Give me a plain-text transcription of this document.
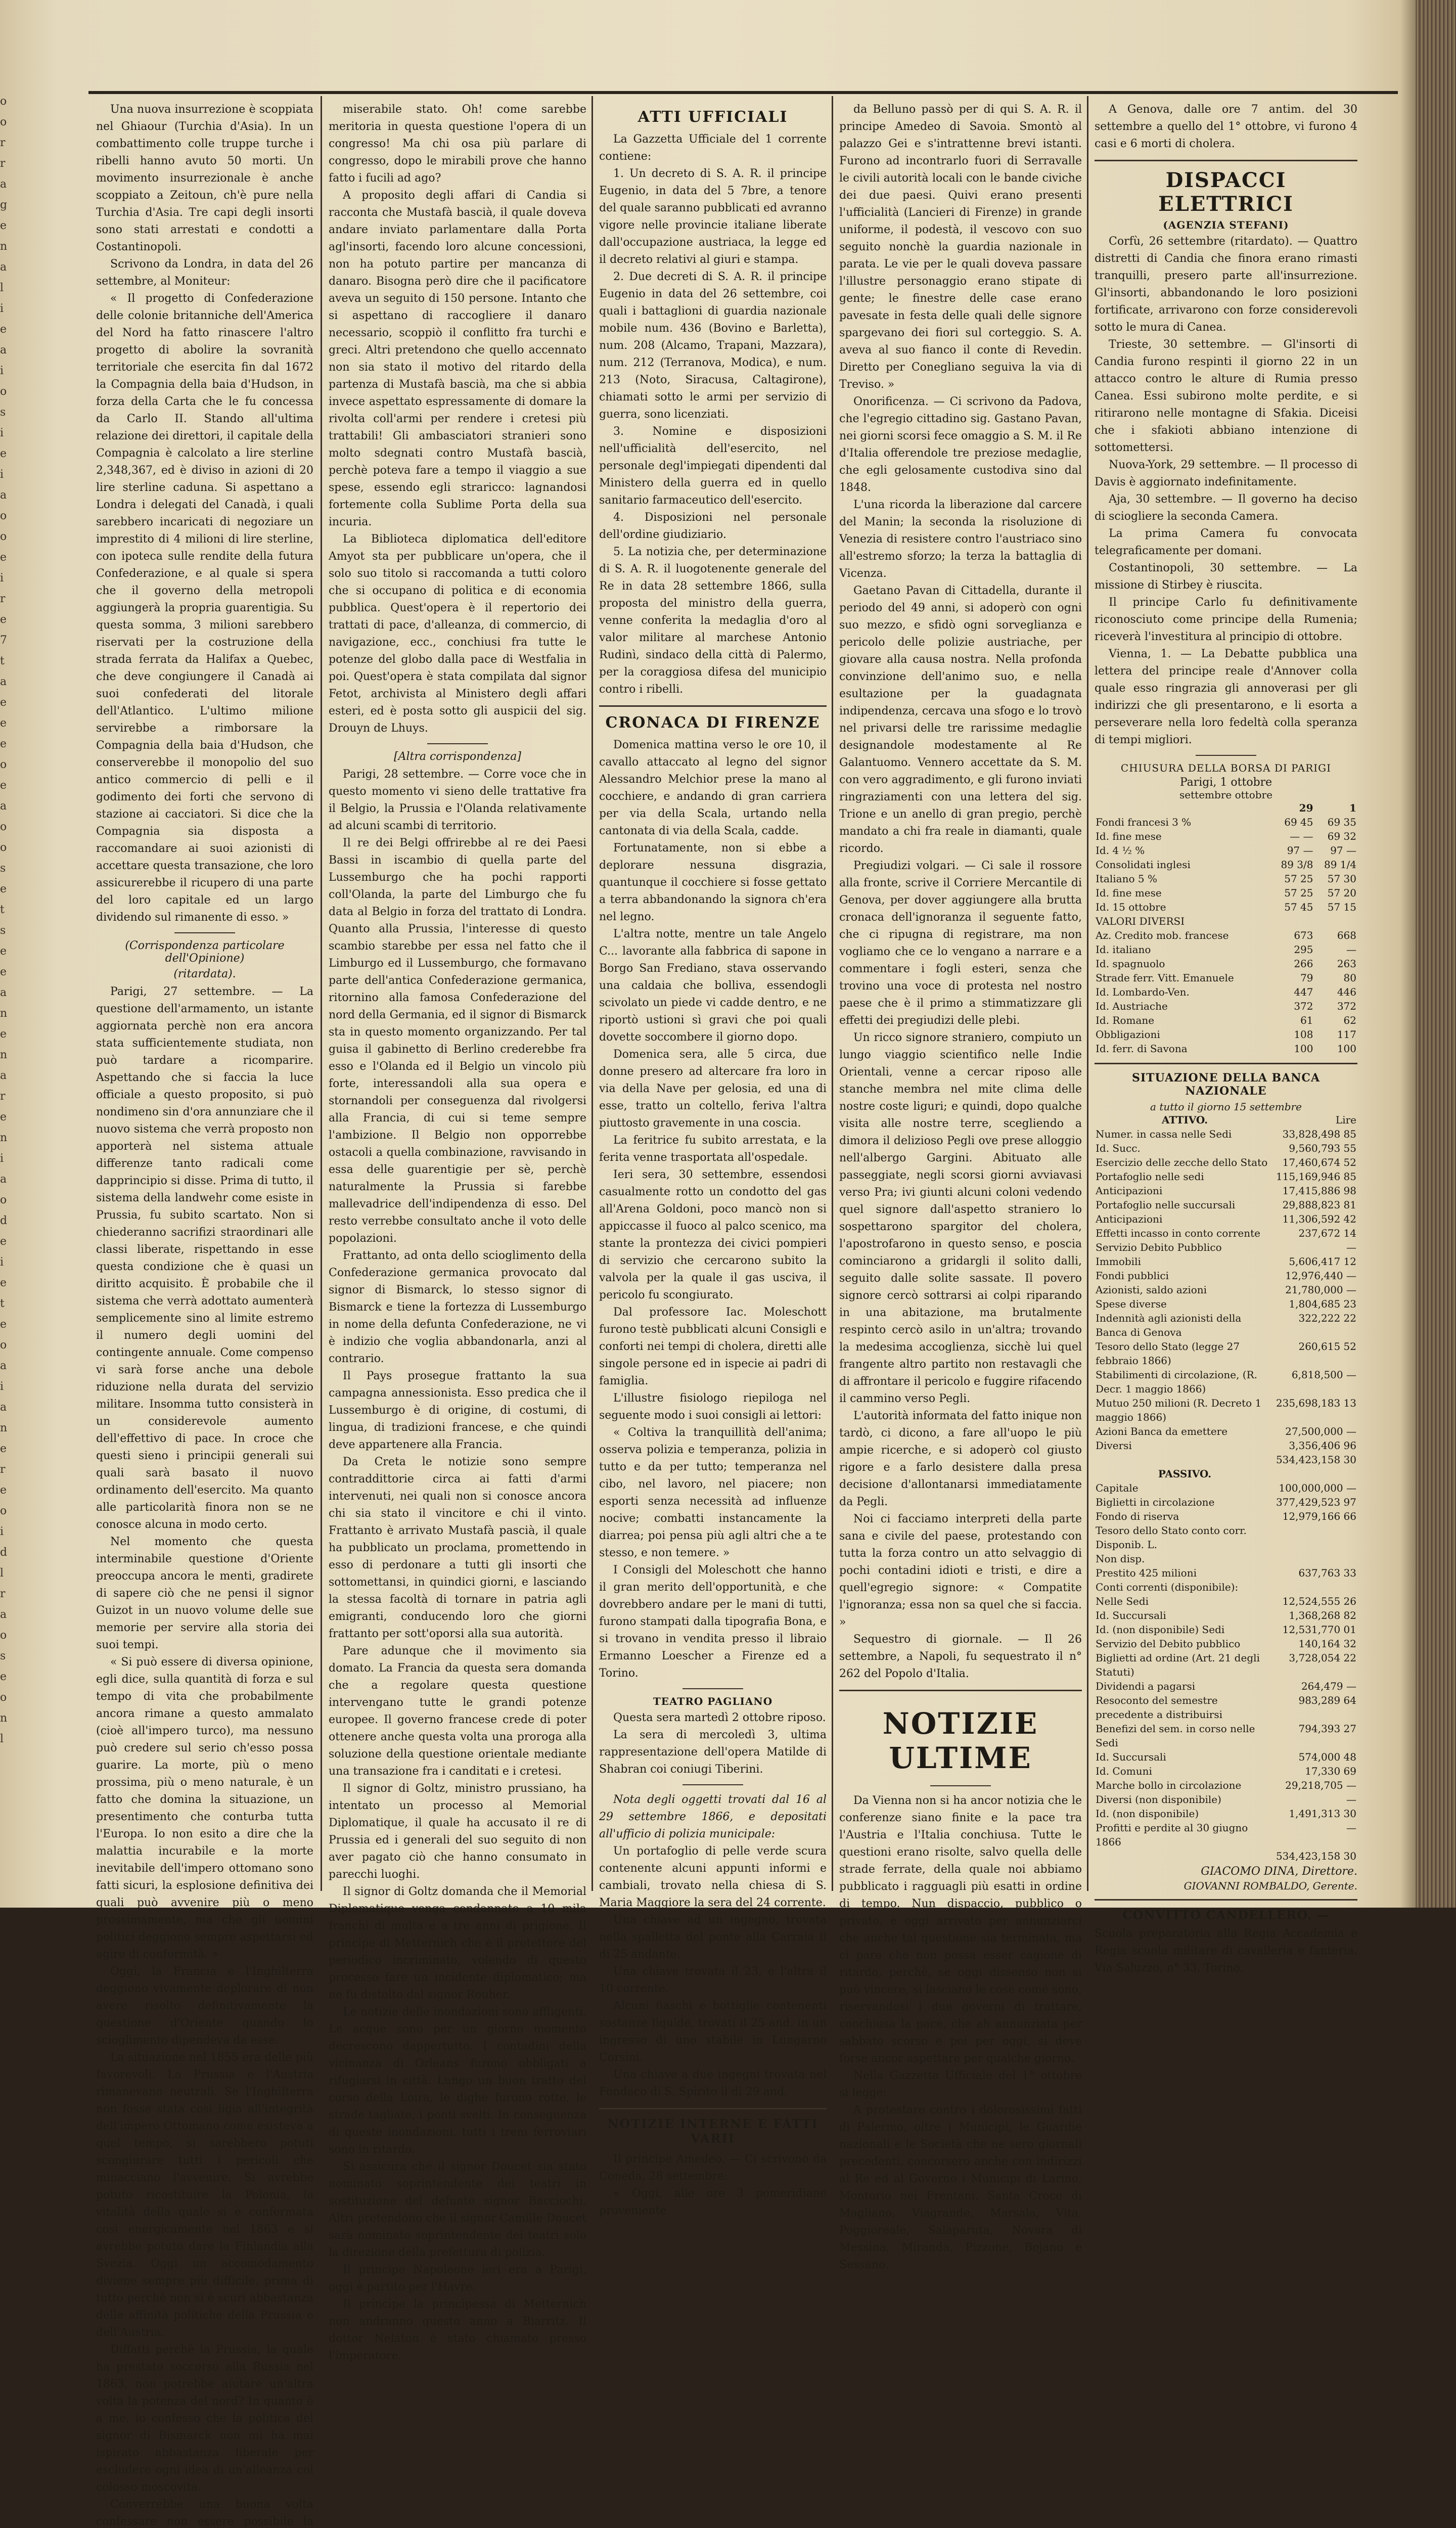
o
o
r
r
a
g
e
n
a
l
i
e
a
i
o
s
i
e
i
a
o
o
e
i
r
e
7
t
a
e
e
e
o
e
a
o
o
s
e
t
s
e
e
a
n
e
n
a
r
e
n
i
a
o
d
e
i
e
t
e
o
a
i
a
n
e
r
e
o
i
d
l
r
a
o
s
e
o
n
l

Una nuova insurrezione è scoppiata nel Ghiaour (Turchia d'Asia). In un combattimento colle truppe turche i ribelli hanno avuto 50 morti. Un movimento insurrezionale è anche scoppiato a Zeitoun, ch'è pure nella Turchia d'Asia. Tre capi degli insorti sono stati arrestati e condotti a Costantinopoli.

Scrivono da Londra, in data del 26 settembre, al Moniteur:

« Il progetto di Confederazione delle colonie britanniche dell'America del Nord ha fatto rinascere l'altro progetto di abolire la sovranità territoriale che esercita fin dal 1672 la Compagnia della baia d'Hudson, in forza della Carta che le fu concessa da Carlo II. Stando all'ultima relazione dei direttori, il capitale della Compagnia è calcolato a lire sterline 2,348,367, ed è diviso in azioni di 20 lire sterline caduna. Si aspettano a Londra i delegati del Canadà, i quali sarebbero incaricati di negoziare un imprestito di 4 milioni di lire sterline, con ipoteca sulle rendite della futura Confederazione, e al quale si spera che il governo della metropoli aggiungerà la propria guarentigia. Su questa somma, 3 milioni sarebbero riservati per la costruzione della strada ferrata da Halifax a Quebec, che deve congiungere il Canadà ai suoi confederati del litorale dell'Atlantico. L'ultimo milione servirebbe a rimborsare la Compagnia della baia d'Hudson, che conserverebbe il monopolio del suo antico commercio di pelli e il godimento dei forti che servono di stazione ai cacciatori. Si dice che la Compagnia sia disposta a raccomandare ai suoi azionisti di accettare questa transazione, che loro assicurerebbe il ricupero di una parte del loro capitale ed un largo dividendo sul rimanente di esso. »

(Corrispondenza particolare dell'Opinione)
(ritardata).

Parigi, 27 settembre. — La questione dell'armamento, un istante aggiornata perchè non era ancora stata sufficientemente studiata, non può tardare a ricomparire. Aspettando che si faccia la luce officiale a questo proposito, si può nondimeno sin d'ora annunziare che il nuovo sistema che verrà proposto non apporterà nel sistema attuale differenze tanto radicali come dapprincipio si disse. Prima di tutto, il sistema della landwehr come esiste in Prussia, fu subito scartato. Non si chiederanno sacrifizi straordinari alle classi liberate, rispettando in esse questa condizione che è quasi un diritto acquisito. È probabile che il sistema che verrà adottato aumenterà semplicemente sino al limite estremo il numero degli uomini del contingente annuale. Come compenso vi sarà forse anche una debole riduzione nella durata del servizio militare. Insomma tutto consisterà in un considerevole aumento dell'effettivo di pace. In croce che questi sieno i principii generali sui quali sarà basato il nuovo ordinamento dell'esercito. Ma quanto alle particolarità finora non se ne conosce alcuna in modo certo.

Nel momento che questa interminabile questione d'Oriente preoccupa ancora le menti, gradirete di sapere ciò che ne pensi il signor Guizot in un nuovo volume delle sue memorie per servire alla storia dei suoi tempi.

« Si può essere di diversa opinione, egli dice, sulla quantità di forza e sul tempo di vita che probabilmente ancora rimane a questo ammalato (cioè all'impero turco), ma nessuno può credere sul serio ch'esso possa guarire. La morte, più o meno prossima, più o meno naturale, è un fatto che domina la situazione, un presentimento che conturba tutta l'Europa. Io non esito a dire che la malattia incurabile e la morte inevitabile dell'impero ottomano sono fatti sicuri, la esplosione definitiva dei quali può avvenire più o meno prossimamente, ma che gli uomini politici deggiono sempre aspettarsi ed agire di conformità. »

Oggi, la Francia e l'Inghilterra deggiono vivamente deplorare di non avere risolto definitivamente la questione d'Oriente quando lo scioglimento dipendeva da esse.

La situazione nel 1855 era delle più favorevoli. La Prussia e l'Austria rimanevano neutrali. Se l'Inghilterra non fosse stata così ligia all'integrità dell'impero Ottomano come esisteva a quel tempo, si sarebbero potuti scongiurare tutti i pericoli che minacciano l'avvenire. Si avrebbe potuto ricostituire la Polonia, la vitalità della quale si è confermata così energicamente nel 1863 e si avrebbe potuto dare la Finlandia alla Svezia. Oggi un accomodamento diviene sempre più difficile, prima di tutto perchè non si è scuri abbastanza delle affinità politiche della Prussia e dell'Austria.

Diffatti perchè la Prussia, la quale ha prestato soccorso alla Russia nel 1863, non potrebbe aiutare un'altra volta la potenza del nord? In quanto è a me, io confesso che la politica del signor di Bismarck non mi ha mai ispirato abbastanza liberale per escludere ogni idea di un'alleanza col colosso moscovita.

Converrebbe una buona volta confessare non essere possibile la

miserabile stato. Oh! come sarebbe meritoria in questa questione l'opera di un congresso! Ma chi osa più parlare di congresso, dopo le mirabili prove che hanno fatto i fucili ad ago?

A proposito degli affari di Candia si racconta che Mustafà bascià, il quale doveva andare inviato parlamentare dalla Porta agl'insorti, facendo loro alcune concessioni, non ha potuto partire per mancanza di danaro. Bisogna però dire che il pacificatore aveva un seguito di 150 persone. Intanto che si aspettano di raccogliere il danaro necessario, scoppiò il conflitto fra turchi e greci. Altri pretendono che quello accennato non sia stato il motivo del ritardo della partenza di Mustafà bascià, ma che si abbia invece aspettato espressamente di domare la rivolta coll'armi per rendere i cretesi più trattabili! Gli ambasciatori stranieri sono molto sdegnati contro Mustafà bascià, perchè poteva fare a tempo il viaggio a sue spese, essendo egli straricco: lagnandosi fortemente colla Sublime Porta della sua incuria.

La Biblioteca diplomatica dell'editore Amyot sta per pubblicare un'opera, che il solo suo titolo si raccomanda a tutti coloro che si occupano di politica e di economia pubblica. Quest'opera è il repertorio dei trattati di pace, d'alleanza, di commercio, di navigazione, ecc., conchiusi fra tutte le potenze del globo dalla pace di Westfalia in poi. Quest'opera è stata compilata dal signor Fetot, archivista al Ministero degli affari esteri, ed è posta sotto gli auspicii del sig. Drouyn de Lhuys.

[Altra corrispondenza]

Parigi, 28 settembre. — Corre voce che in questo momento vi sieno delle trattative fra il Belgio, la Prussia e l'Olanda relativamente ad alcuni scambi di territorio.

Il re dei Belgi offrirebbe al re dei Paesi Bassi in iscambio di quella parte del Lussemburgo che ha pochi rapporti coll'Olanda, la parte del Limburgo che fu data al Belgio in forza del trattato di Londra. Quanto alla Prussia, l'interesse di questo scambio starebbe per essa nel fatto che il Limburgo ed il Lussemburgo, che formavano parte dell'antica Confederazione germanica, ritornino alla famosa Confederazione del nord della Germania, ed il signor di Bismarck sta in questo momento organizzando. Per tal guisa il gabinetto di Berlino crederebbe fra esso e l'Olanda ed il Belgio un vincolo più forte, interessandoli alla sua opera e stornandoli per conseguenza dal rivolgersi alla Francia, di cui si teme sempre l'ambizione. Il Belgio non opporrebbe ostacoli a quella combinazione, ravvisando in essa delle guarentigie per sè, perchè naturalmente la Prussia si farebbe mallevadrice dell'indipendenza di esso. Del resto verrebbe consultato anche il voto delle popolazioni.

Frattanto, ad onta dello scioglimento della Confederazione germanica provocato dal signor di Bismarck, lo stesso signor di Bismarck e tiene la fortezza di Lussemburgo in nome della defunta Confederazione, ne vi è indizio che voglia abbandonarla, anzi al contrario.

Il Pays prosegue frattanto la sua campagna annessionista. Esso predica che il Lussemburgo è di origine, di costumi, di lingua, di tradizioni francese, e che quindi deve appartenere alla Francia.

Da Creta le notizie sono sempre contraddittorie circa ai fatti d'armi intervenuti, nei quali non si conosce ancora chi sia stato il vincitore e chi il vinto. Frattanto è arrivato Mustafà pascià, il quale ha pubblicato un proclama, promettendo in esso di perdonare a tutti gli insorti che sottomettansi, in quindici giorni, e lasciando la stessa facoltà di tornare in patria agli emigranti, conducendo loro che giorni frattanto per sott'oporsi alla sua autorità.

Pare adunque che il movimento sia domato. La Francia da questa sera domanda che a regolare questa questione intervengano tutte le grandi potenze europee. Il governo francese crede di poter ottenere anche questa volta una proroga alla soluzione della questione orientale mediante una transazione fra i canditati e i cretesi.

Il signor di Goltz, ministro prussiano, ha intentato un processo al Memorial Diplomatique, il quale ha accusato il re di Prussia ed i generali del suo seguito di non aver pagato ciò che hanno consumato in parecchi luoghi.

Il signor di Goltz domanda che il Memorial Diplomatique venga condannato a 10 mila franchi di multa e a tre anni di prigione. Il principe di Metternich che è il protettore del periodico incriminato, volendo di questo processo fare un incidente diplomatico; ma ne fu distolto dal signor Rouher.

Le notizie delle inondazioni sono affligenti. Le acque sono per un giorno momento decrescono dappertutto. I contadini della vicinanza di Orleans furono obbligati a rifugiarsi in città. Lungo un buon tratto del corso della Loira, le dighe furono rotte, le strade tagliate, i ponti svelti. In conseguenza di queste inondazioni, tutti i treni ferroviari sono in ritardo.

Si assicura che il signor Doucet sia stato nominato soprintendente dei teatri in sostituzione del defunto signor Bacciochi. Altri pretendono che il signor Camille Doucet sarà nominato soprintendente dei teatri solo la direzione della prefettura di polizia.

Il principe Napoleone ieri era a Parigi, oggi è partito per l'Havre.

Il principe la principessa di Metternich non andranno questo anno a Biarritz. Il dottor Nelaton è stato chiamato presso l'imperatore.

ATTI UFFICIALI

La Gazzetta Ufficiale del 1 corrente contiene:

1. Un decreto di S. A. R. il principe Eugenio, in data del 5 7bre, a tenore del quale saranno pubblicati ed avranno vigore nelle provincie italiane liberate dall'occupazione austriaca, la legge ed il decreto relativi al giuri e stampa.

2. Due decreti di S. A. R. il principe Eugenio in data del 26 settembre, coi quali i battaglioni di guardia nazionale mobile num. 436 (Bovino e Barletta), num. 208 (Alcamo, Trapani, Mazzara), num. 212 (Terranova, Modica), e num. 213 (Noto, Siracusa, Caltagirone), chiamati sotto le armi per servizio di guerra, sono licenziati.

3. Nomine e disposizioni nell'ufficialità dell'esercito, nel personale degl'impiegati dipendenti dal Ministero della guerra ed in quello sanitario farmaceutico dell'esercito.

4. Disposizioni nel personale dell'ordine giudiziario.

5. La notizia che, per determinazione di S. A. R. il luogotenente generale del Re in data 28 settembre 1866, sulla proposta del ministro della guerra, venne conferita la medaglia d'oro al valor militare al marchese Antonio Rudinì, sindaco della città di Palermo, per la coraggiosa difesa del municipio contro i ribelli.

CRONACA DI FIRENZE

Domenica mattina verso le ore 10, il cavallo attaccato al legno del signor Alessandro Melchior prese la mano al cocchiere, e andando di gran carriera per via della Scala, urtando nella cantonata di via della Scala, cadde.

Fortunatamente, non si ebbe a deplorare nessuna disgrazia, quantunque il cocchiere si fosse gettato a terra abbandonando la signora ch'era nel legno.

L'altra notte, mentre un tale Angelo C... lavorante alla fabbrica di sapone in Borgo San Frediano, stava osservando una caldaia che bolliva, essendogli scivolato un piede vi cadde dentro, e ne riportò ustioni sì gravi che poi quali dovette soccombere il giorno dopo.

Domenica sera, alle 5 circa, due donne presero ad altercare fra loro in via della Nave per gelosia, ed una di esse, tratto un coltello, feriva l'altra piuttosto gravemente in una coscia.

La feritrice fu subito arrestata, e la ferita venne trasportata all'ospedale.

Ieri sera, 30 settembre, essendosi casualmente rotto un condotto del gas all'Arena Goldoni, poco mancò non si appiccasse il fuoco al palco scenico, ma stante la prontezza dei civici pompieri di servizio che cercarono subito la valvola per la quale il gas usciva, il pericolo fu scongiurato.

Dal professore Iac. Moleschott furono testè pubblicati alcuni Consigli e conforti nei tempi di cholera, diretti alle singole persone ed in ispecie ai padri di famiglia.

L'illustre fisiologo riepiloga nel seguente modo i suoi consigli ai lettori:

« Coltiva la tranquillità dell'anima; osserva polizia e temperanza, polizia in tutto e da per tutto; temperanza nel cibo, nel lavoro, nel piacere; non esporti senza necessità ad influenze nocive; combatti instancamente la diarrea; poi pensa più agli altri che a te stesso, e non temere. »

I Consigli del Moleschott che hanno il gran merito dell'opportunità, e che dovrebbero andare per le mani di tutti, furono stampati dalla tipografia Bona, e si trovano in vendita presso il libraio Ermanno Loescher a Firenze ed a Torino.

TEATRO PAGLIANO

Questa sera martedì 2 ottobre riposo.

La sera di mercoledì 3, ultima rappresentazione dell'opera Matilde di Shabran coi coniugi Tiberini.

Nota degli oggetti trovati dal 16 al 29 settembre 1866, e depositati all'ufficio di polizia municipale:

Un portafoglio di pelle verde scura contenente alcuni appunti informi e cambiali, trovato nella chiesa di S. Maria Maggiore la sera del 24 corrente.

Una chiave ad un ingegno, trovata nella spalletta del ponte alla Carraia il di 25 andante.

Una chiave trovata il 23, e l'altra il 10 corrente.

Alcuni fiaschi e bottiglie contenenti sostanze liquide, trovati il 25 and. in un ingresso di uno stabile in Lungarno Corsini.

Una chiave a due ingegni trovata nel Fondaco di S. Spirito il di 29 and.

NOTIZIE INTERNE E FATTI VARII

Il principe Amedeo. — Ci scrivono da Coneda, 28 settembre:

« Oggi, alle ore 3 pomeridiane proveniente

da Belluno passò per di qui S. A. R. il principe Amedeo di Savoia. Smontò al palazzo Gei e s'intrattenne brevi istanti. Furono ad incontrarlo fuori di Serravalle le civili autorità locali con le bande civiche dei due paesi. Quivi erano presenti l'ufficialità (Lancieri di Firenze) in grande uniforme, il podestà, il vescovo con suo seguito nonchè la guardia nazionale in parata. Le vie per le quali doveva passare l'illustre personaggio erano stipate di gente; le finestre delle case erano pavesate in festa delle quali delle signore spargevano dei fiori sul corteggio. S. A. aveva al suo fianco il conte di Revedin. Diretto per Conegliano seguiva la via di Treviso. »

Onorificenza. — Ci scrivono da Padova, che l'egregio cittadino sig. Gastano Pavan, nei giorni scorsi fece omaggio a S. M. il Re d'Italia offerendole tre preziose medaglie, che egli gelosamente custodiva sino dal 1848.

L'una ricorda la liberazione dal carcere del Manin; la seconda la risoluzione di Venezia di resistere contro l'austriaco sino all'estremo sforzo; la terza la battaglia di Vicenza.

Gaetano Pavan di Cittadella, durante il periodo del 49 anni, si adoperò con ogni suo mezzo, e sfidò ogni sorveglianza e pericolo delle polizie austriache, per giovare alla causa nostra. Nella profonda convinzione dell'animo suo, e nella esultazione per la guadagnata indipendenza, cercava una sfogo e lo trovò nel privarsi delle tre rarissime medaglie designandole modestamente al Re Galantuomo. Vennero accettate da S. M. con vero aggradimento, e gli furono inviati ringraziamenti con una lettera del sig. Trione e un anello di gran pregio, perchè mandato a chi fra reale in diamanti, quale ricordo.

Pregiudizi volgari. — Ci sale il rossore alla fronte, scrive il Corriere Mercantile di Genova, per dover aggiungere alla brutta cronaca dell'ignoranza il seguente fatto, che ci ripugna di registrare, ma non vogliamo che ce lo vengano a narrare e a commentare i fogli esteri, senza che trovino una voce di protesta nel nostro paese che è il primo a stimmatizzare gli effetti dei pregiudizi delle plebi.

Un ricco signore straniero, compiuto un lungo viaggio scientifico nelle Indie Orientali, venne a cercar riposo alle stanche membra nel mite clima delle nostre coste liguri; e quindi, dopo qualche visita alle nostre terre, scegliendo a dimora il delizioso Pegli ove prese alloggio nell'albergo Gargini. Abituato alle passeggiate, negli scorsi giorni avviavasi verso Pra; ivi giunti alcuni coloni vedendo quel signore dall'aspetto straniero lo sospettarono spargitor del cholera, l'apostrofarono in questo senso, e poscia cominciarono a gridargli il solito dalli, seguito dalle solite sassate. Il povero signore cercò sottrarsi ai colpi riparando in una abitazione, ma brutalmente respinto cercò asilo in un'altra; trovando la medesima accoglienza, sicchè lui quel frangente altro partito non restavagli che di affrontare il pericolo e fuggire rifacendo il cammino verso Pegli.

L'autorità informata del fatto inique non tardò, ci dicono, a fare all'uopo le più ampie ricerche, e si adoperò col giusto rigore e a farlo desistere dalla presa decisione d'allontanarsi immediatamente da Pegli.

Noi ci facciamo interpreti della parte sana e civile del paese, protestando con tutta la forza contro un atto selvaggio di pochi contadini idioti e tristi, e dire a quell'egregio signore: « Compatite l'ignoranza; essa non sa quel che si faccia. »

Sequestro di giornale. — Il 26 settembre, a Napoli, fu sequestrato il n° 262 del Popolo d'Italia.

NOTIZIE ULTIME

Da Vienna non si ha ancor notizia che le conferenze siano finite e la pace tra l'Austria e l'Italia conchiusa. Tutte le questioni erano risolte, salvo quella delle strade ferrate, della quale noi abbiamo pubblicato i ragguagli più esatti in ordine di tempo. Nun dispaccio, pubblico o privato, è oggi arrivato per annunziarci che anche tal questione sia terminata, ma ci pare che non possa esser cagione di ritardo, perchè, se oggi dissenso non si può vincere, si lasciano le cose come sono, riservandosi i due governi di trattare, conchiusa la pace, che ah annunziata per sabbato scorso e poi per oggi, si deve forse ancor aspettare per qualche giorno.

Nella Gazzetta Ufficiale del 1° ottobre si legge:

A protestare contro i dolorosissimi fatti di Palermo, oltre i Municipi, le Guardie nazionali e le Società che ne sero giornali precedenti, concorsero anche con indirizzi al Re ed al Governo i Municipi di Larino, Montorio nei Frentani, Santa Croce di Magliano, Viagrande, Marsala, Vita, Poggioreale, Salaparuta, Novara di Messina, Miranda, Pizzone, Bojano e Sessano.

A Genova, dalle ore 7 antim. del 30 settembre a quello del 1° ottobre, vi furono 4 casi e 6 morti di cholera.

DISPACCI ELETTRICI
(AGENZIA STEFANI)

Corfù, 26 settembre (ritardato). — Quattro distretti di Candia che finora erano rimasti tranquilli, presero parte all'insurrezione. Gl'insorti, abbandonando le loro posizioni fortificate, arrivarono con forze considerevoli sotto le mura di Canea.

Trieste, 30 settembre. — Gl'insorti di Candia furono respinti il giorno 22 in un attacco contro le alture di Rumia presso Canea. Essi subirono molte perdite, e si ritirarono nelle montagne di Sfakia. Diceisi che i sfakioti abbiano intenzione di sottomettersi.

Nuova-York, 29 settembre. — Il processo di Davis è aggiornato indefinitamente.

Aja, 30 settembre. — Il governo ha deciso di sciogliere la seconda Camera.

La prima Camera fu convocata telegraficamente per domani.

Costantinopoli, 30 settembre. — La missione di Stirbey è riuscita.

Il principe Carlo fu definitivamente riconosciuto come principe della Rumenia; riceverà l'investitura al principio di ottobre.

Vienna, 1. — La Debatte pubblica una lettera del principe reale d'Annover colla quale esso ringrazia gli annoverasi per gli indirizzi che gli presentarono, e li esorta a perseverare nella loro fedeltà colla speranza di tempi migliori.

CHIUSURA DELLA BORSA DI PARIGI
Parigi, 1 ottobre
settembre ottobre
	29	1
Fondi francesi 3 %	69 45	69 35
Id. fine mese	— —	69 32
Id. 4 ½ %	97 —	97 —
Consolidati inglesi	89 3/8	89 1/4
Italiano 5 %	57 25	57 30
Id. fine mese	57 25	57 20
Id. 15 ottobre	57 45	57 15
VALORI DIVERSI		
Az. Credito mob. francese	673	668
Id. italiano	295	—
Id. spagnuolo	266	263
Strade ferr. Vitt. Emanuele	79	80
Id. Lombardo-Ven.	447	446
Id. Austriache	372	372
Id. Romane	61	62
Obbligazioni	108	117
Id. ferr. di Savona	100	100
SITUAZIONE DELLA BANCA NAZIONALE
a tutto il giorno 15 settembre
ATTIVO.	Lire
Numer. in cassa nelle Sedi	33,828,498 85
Id. Succ.	9,560,793 55
Esercizio delle zecche dello Stato	17,460,674 52
Portafoglio nelle sedi	115,169,946 85
Anticipazioni	17,415,886 98
Portafoglio nelle succursali	29,888,823 81
Anticipazioni	11,306,592 42
Effetti incasso in conto corrente	237,672 14
Servizio Debito Pubblico	—
Immobili	5,606,417 12
Fondi pubblici	12,976,440 —
Azionisti, saldo azioni	21,780,000 —
Spese diverse	1,804,685 23
Indennità agli azionisti della Banca di Genova	322,222 22
Tesoro dello Stato (legge 27 febbraio 1866)	260,615 52
Stabilimenti di circolazione, (R. Decr. 1 maggio 1866)	6,818,500 —
Mutuo 250 milioni (R. Decreto 1 maggio 1866)	235,698,183 13
Azioni Banca da emettere	27,500,000 —
Diversi	3,356,406 96
	534,423,158 30
PASSIVO.	
Capitale	100,000,000 —
Biglietti in circolazione	377,429,523 97
Fondo di riserva	12,979,166 66
Tesoro dello Stato conto corr.	
Disponib. L.	
Non disp.	
Prestito 425 milioni	637,763 33
Conti correnti (disponibile):	
Nelle Sedi	12,524,555 26
Id. Succursali	1,368,268 82
Id. (non disponibile) Sedi	12,531,770 01
Servizio del Debito pubblico	140,164 32
Biglietti ad ordine (Art. 21 degli Statuti)	3,728,054 22
Dividendi a pagarsi	264,479 —
Resoconto del semestre precedente a distribuirsi	983,289 64
Benefizi del sem. in corso nelle Sedi	794,393 27
Id. Succursali	574,000 48
Id. Comuni	17,330 69
Marche bollo in circolazione	29,218,705 —
Diversi (non disponibile)	—
Id. (non disponibile)	1,491,313 30
Profitti e perdite al 30 giugno 1866	—
	534,423,158 30
GIACOMO DINA, Direttore.
GIOVANNI ROMBALDO, Gerente.
CONVITTO CANDELLERO. —

Scuola preparatoria alla Regia Accademia e Regia scuola militare di cavalleria e fanteria. Via Saluzzo, n° 33, Torino.
